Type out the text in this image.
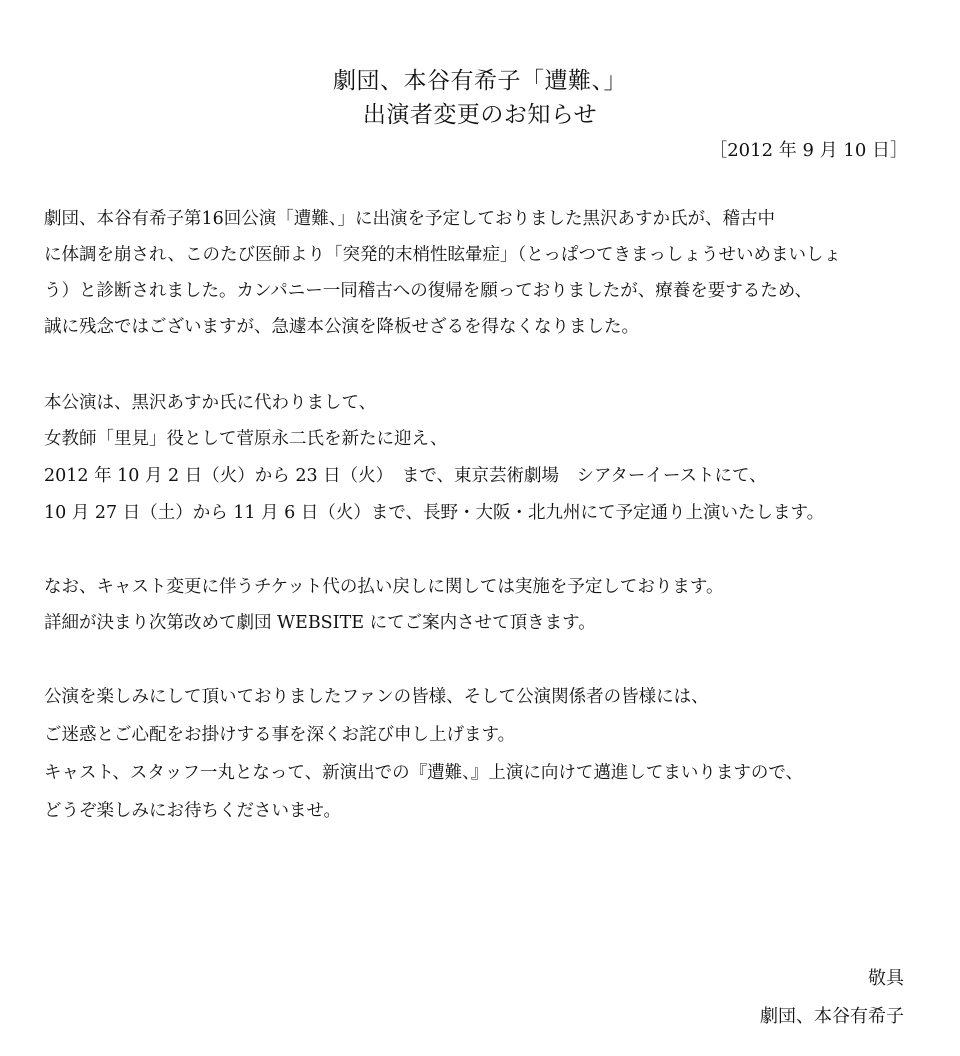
劇団、本谷有希子「遭難、」
出演者変更のお知らせ
［2012 年 9 月 10 日］
劇団、本谷有希子第16回公演「遭難、」に出演を予定しておりました黒沢あすか氏が、稽古中
に体調を崩され、このたび医師より「突発的末梢性眩暈症」（とっぱつてきまっしょうせいめまいしょ
う）と診断されました。カンパニー一同稽古への復帰を願っておりましたが、療養を要するため、
誠に残念ではございますが、急遽本公演を降板せざるを得なくなりました。
本公演は、黒沢あすか氏に代わりまして、
女教師「里見」役として菅原永二氏を新たに迎え、
2012 年 10 月 2 日（火）から 23 日（火）　まで、東京芸術劇場　シアターイーストにて、
10 月 27 日（土）から 11 月 6 日（火）まで、長野・大阪・北九州にて予定通り上演いたします。
なお、キャスト変更に伴うチケット代の払い戻しに関しては実施を予定しております。
詳細が決まり次第改めて劇団 WEBSITE にてご案内させて頂きます。
公演を楽しみにして頂いておりましたファンの皆様、そして公演関係者の皆様には、
ご迷惑とご心配をお掛けする事を深くお詫び申し上げます。
キャスト、スタッフ一丸となって、新演出での『遭難、』上演に向けて邁進してまいりますので、
どうぞ楽しみにお待ちくださいませ。
敬具
劇団、本谷有希子
